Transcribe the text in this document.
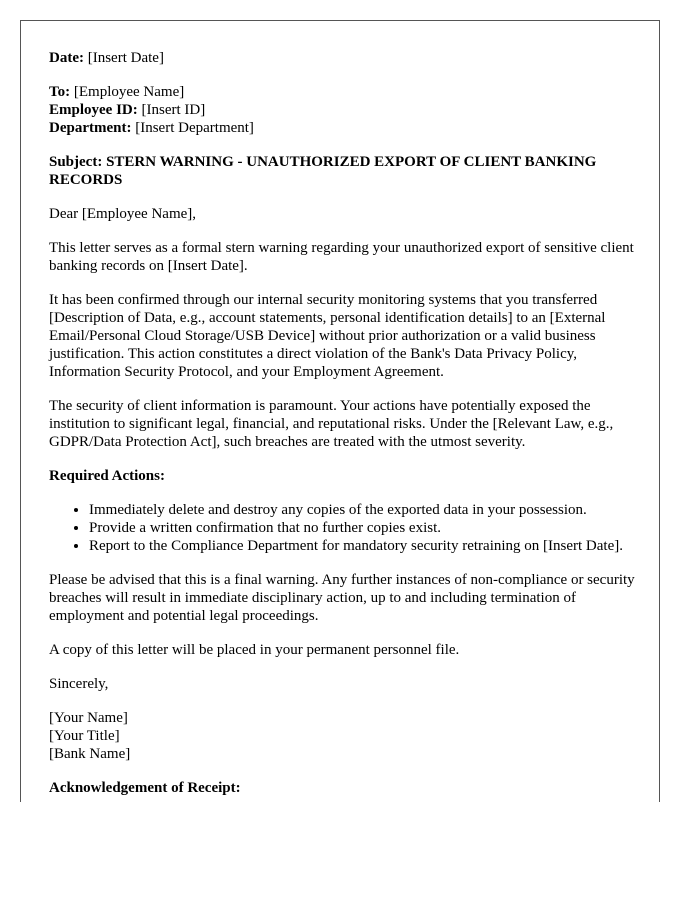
Date: [Insert Date]

To: [Employee Name]

Employee ID: [Insert ID]

Department: [Insert Department]

Subject: STERN WARNING - UNAUTHORIZED EXPORT OF CLIENT BANKING RECORDS

Dear [Employee Name],

This letter serves as a formal stern warning regarding your unauthorized export of sensitive client banking records on [Insert Date].

It has been confirmed through our internal security monitoring systems that you transferred [Description of Data, e.g., account statements, personal identification details] to an [External Email/Personal Cloud Storage/USB Device] without prior authorization or a valid business justification. This action constitutes a direct violation of the Bank's Data Privacy Policy, Information Security Protocol, and your Employment Agreement.

The security of client information is paramount. Your actions have potentially exposed the institution to significant legal, financial, and reputational risks. Under the [Relevant Law, e.g., GDPR/Data Protection Act], such breaches are treated with the utmost severity.

Required Actions:

• Immediately delete and destroy any copies of the exported data in your possession.
• Provide a written confirmation that no further copies exist.
• Report to the Compliance Department for mandatory security retraining on [Insert Date].

Please be advised that this is a final warning. Any further instances of non-compliance or security breaches will result in immediate disciplinary action, up to and including termination of employment and potential legal proceedings.

A copy of this letter will be placed in your permanent personnel file.

Sincerely,

[Your Name]

[Your Title]

[Bank Name]

Acknowledgement of Receipt:
